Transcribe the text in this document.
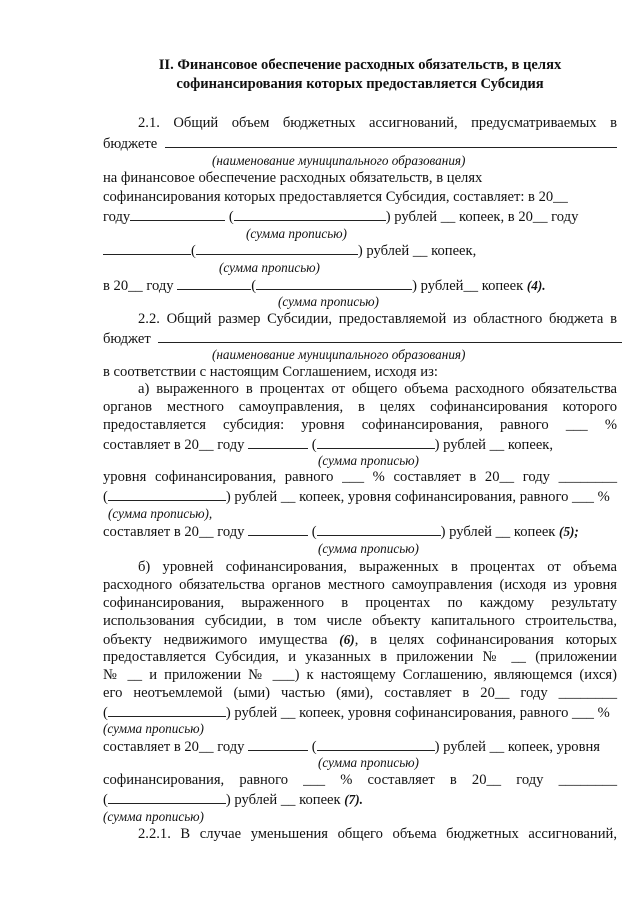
II. Финансовое обеспечение расходных обязательств, в целях
софинансирования которых предоставляется Субсидия
2.1. Общий объем бюджетных ассигнований, предусматриваемых в
бюджете
(наименование муниципального образования)
на финансовое обеспечение расходных обязательств, в целях
софинансирования которых предоставляется Субсидия, составляет: в 20__
году	(	) рублей __ копеек, в 20__ году
(сумма прописью)
(	) рублей __ копеек,
(сумма прописью)
в 20__ году	(	) рублей__ копеек (4).
(сумма прописью)
2.2. Общий размер Субсидии, предоставляемой из областного бюджета в
бюджет
(наименование муниципального образования)
в соответствии с настоящим Соглашением, исходя из:
а) выраженного в процентах от общего объема расходного обязательства
органов местного самоуправления, в целях софинансирования которого
предоставляется субсидия: уровня софинансирования, равного ___ %
составляет в 20__ году	(	) рублей __ копеек,
(сумма прописью)
уровня софинансирования, равного ___ % составляет в 20__ году ________
(	) рублей __ копеек, уровня софинансирования, равного ___ %
(сумма прописью),
составляет в 20__ году	(	) рублей __ копеек (5);
(сумма прописью)
б) уровней софинансирования, выраженных в процентах от объема
расходного обязательства органов местного самоуправления (исходя из уровня
софинансирования, выраженного в процентах по каждому результату
использования субсидии, в том числе объекту капитального строительства,
объекту недвижимого имущества (6), в целях софинансирования которых
предоставляется Субсидия, и указанных в приложении № __ (приложении
№ __ и приложении № ___) к настоящему Соглашению, являющемся (ихся)
его неотъемлемой (ыми) частью (ями), составляет в 20__ году ________
(	) рублей __ копеек, уровня софинансирования, равного ___ %
(сумма прописью)
составляет в 20__ году	(	) рублей __ копеек, уровня
(сумма прописью)
софинансирования, равного ___ % составляет в 20__ году ________
(	) рублей __ копеек (7).
(сумма прописью)
2.2.1. В случае уменьшения общего объема бюджетных ассигнований,
